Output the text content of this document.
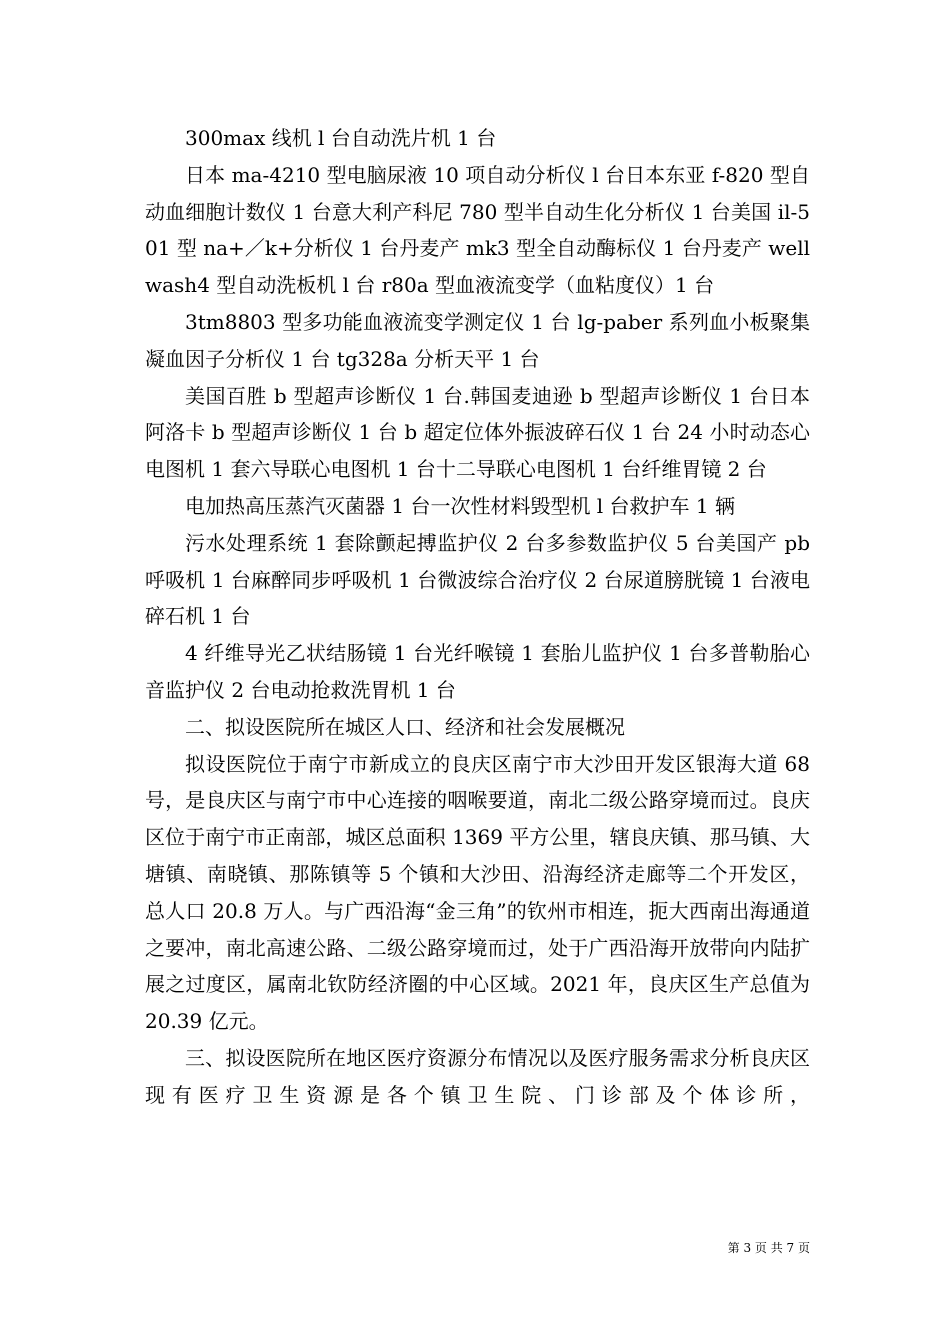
300max 线机 l 台自动洗片机 1 台

日本 ma-4210 型电脑尿液 10 项自动分析仪 l 台日本东亚 f-820 型自动血细胞计数仪 1 台意大利产科尼 780 型半自动生化分析仪 1 台美国 il-501 型 na+／k+分析仪 1 台丹麦产 mk3 型全自动酶标仪 1 台丹麦产 wellwash4 型自动洗板机 l 台 r80a 型血液流变学（血粘度仪）1 台

3tm8803 型多功能血液流变学测定仪 1 台 lg-paber 系列血小板聚集凝血因子分析仪 1 台 tg328a 分析天平 1 台

美国百胜 b 型超声诊断仪 1 台.韩国麦迪逊 b 型超声诊断仪 1 台日本阿洛卡 b 型超声诊断仪 1 台 b 超定位体外振波碎石仪 1 台 24 小时动态心电图机 1 套六导联心电图机 1 台十二导联心电图机 1 台纤维胃镜 2 台

电加热高压蒸汽灭菌器 1 台一次性材料毁型机 l 台救护车 1 辆

污水处理系统 1 套除颤起搏监护仪 2 台多参数监护仪 5 台美国产 pb 呼吸机 1 台麻醉同步呼吸机 1 台微波综合治疗仪 2 台尿道膀胱镜 1 台液电碎石机 1 台

4 纤维导光乙状结肠镜 1 台光纤喉镜 1 套胎儿监护仪 1 台多普勒胎心音监护仪 2 台电动抢救洗胃机 1 台

二、拟设医院所在城区人口、经济和社会发展概况

拟设医院位于南宁市新成立的良庆区南宁市大沙田开发区银海大道 68 号，是良庆区与南宁市中心连接的咽喉要道，南北二级公路穿境而过。良庆区位于南宁市正南部，城区总面积 1369 平方公里，辖良庆镇、那马镇、大塘镇、南晓镇、那陈镇等 5 个镇和大沙田、沿海经济走廊等二个开发区，总人口 20.8 万人。与广西沿海“金三角”的钦州市相连，扼大西南出海通道之要冲，南北高速公路、二级公路穿境而过，处于广西沿海开放带向内陆扩展之过度区，属南北钦防经济圈的中心区域。2021 年，良庆区生产总值为 20.39 亿元。

三、拟设医院所在地区医疗资源分布情况以及医疗服务需求分析良庆区现有医疗卫生资源是各个镇卫生院、门诊部及个体诊所，

第 3 页 共 7 页
